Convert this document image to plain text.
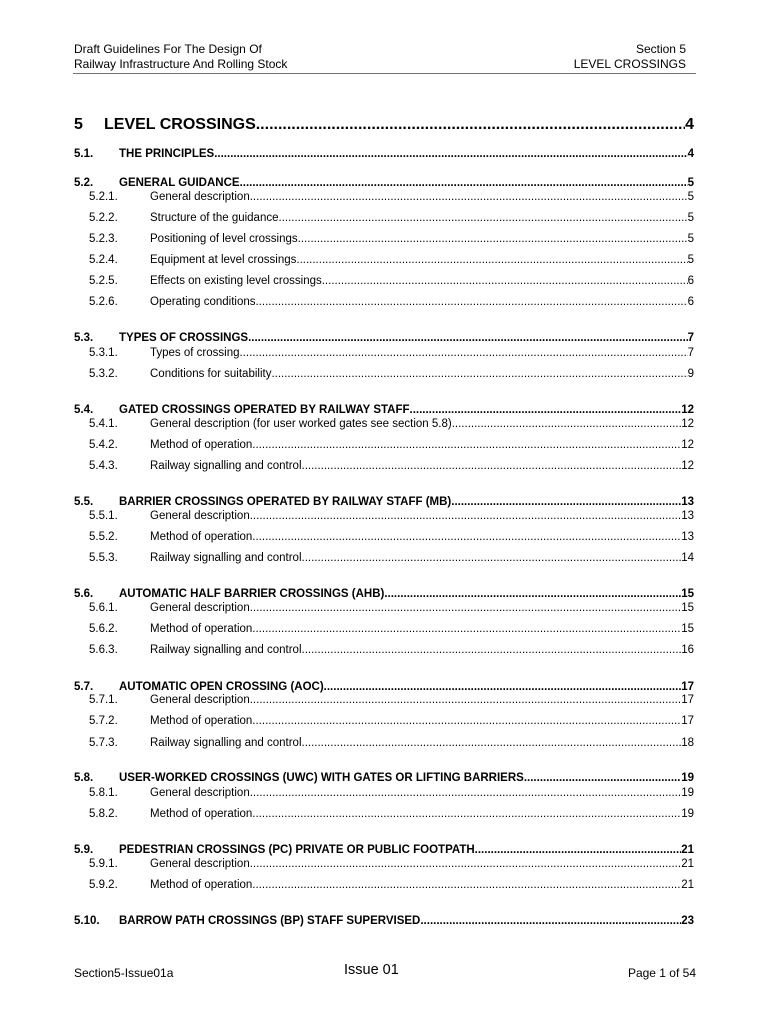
Draft Guidelines For The Design Of
Railway Infrastructure And Rolling Stock
Section 5
LEVEL CROSSINGS
5	LEVEL CROSSINGS .....	4
5.1.	THE PRINCIPLES .....	4
5.2.	GENERAL GUIDANCE .....	5
5.2.1.	General description .....	5
5.2.2.	Structure of the guidance .....	5
5.2.3.	Positioning of level crossings .....	5
5.2.4.	Equipment at level crossings .....	5
5.2.5.	Effects on existing level crossings .....	6
5.2.6.	Operating conditions .....	6
5.3.	TYPES OF CROSSINGS .....	7
5.3.1.	Types of crossing .....	7
5.3.2.	Conditions for suitability .....	9
5.4.	GATED CROSSINGS OPERATED BY RAILWAY STAFF .....	12
5.4.1.	General description (for user worked gates see section 5.8) .....	12
5.4.2.	Method of operation .....	12
5.4.3.	Railway signalling and control .....	12
5.5.	BARRIER CROSSINGS OPERATED BY RAILWAY STAFF (MB) .....	13
5.5.1.	General description .....	13
5.5.2.	Method of operation .....	13
5.5.3.	Railway signalling and control .....	14
5.6.	AUTOMATIC HALF BARRIER CROSSINGS (AHB) .....	15
5.6.1.	General description .....	15
5.6.2.	Method of operation .....	15
5.6.3.	Railway signalling and control .....	16
5.7.	AUTOMATIC OPEN CROSSING (AOC) .....	17
5.7.1.	General description .....	17
5.7.2.	Method of operation .....	17
5.7.3.	Railway signalling and control .....	18
5.8.	USER-WORKED CROSSINGS (UWC) WITH GATES OR LIFTING BARRIERS .....	19
5.8.1.	General description .....	19
5.8.2.	Method of operation .....	19
5.9.	PEDESTRIAN CROSSINGS (PC) PRIVATE OR PUBLIC FOOTPATH .....	21
5.9.1.	General description .....	21
5.9.2.	Method of operation .....	21
5.10.	BARROW PATH CROSSINGS (BP) STAFF SUPERVISED .....	23
Section5-Issue01a	Issue 01	Page 1 of 54
